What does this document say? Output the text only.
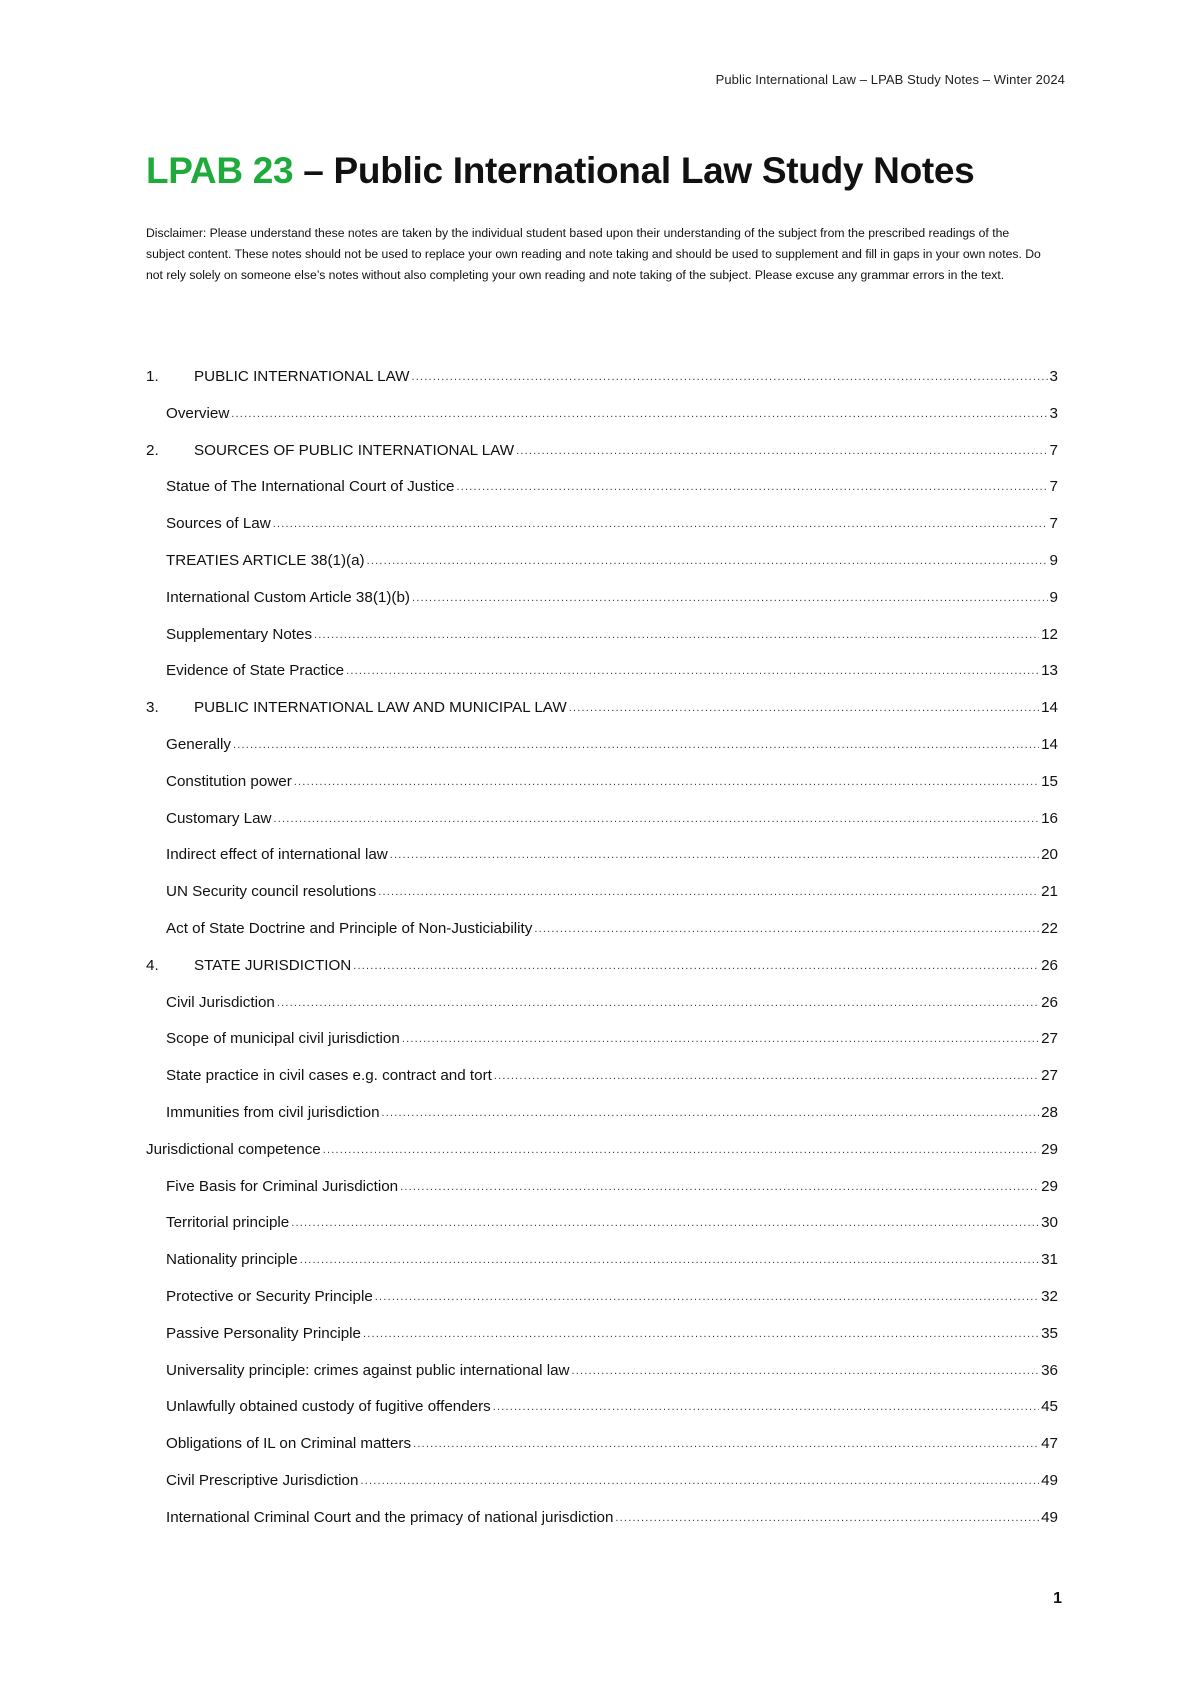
Public International Law – LPAB Study Notes – Winter 2024
LPAB 23 – Public International Law Study Notes

Disclaimer: Please understand these notes are taken by the individual student based upon their understanding of the subject from the prescribed readings of the subject content. These notes should not be used to replace your own reading and note taking and should be used to supplement and fill in gaps in your own notes. Do not rely solely on someone else’s notes without also completing your own reading and note taking of the subject. Please excuse any grammar errors in the text.

1.	PUBLIC INTERNATIONAL LAW .....	3
Overview .....	3
2.	SOURCES OF PUBLIC INTERNATIONAL LAW .....	7
Statue of The International Court of Justice .....	7
Sources of Law .....	7
TREATIES ARTICLE 38(1)(a) .....	9
International Custom Article 38(1)(b) .....	9
Supplementary Notes .....	12
Evidence of State Practice .....	13
3.	PUBLIC INTERNATIONAL LAW AND MUNICIPAL LAW .....	14
Generally .....	14
Constitution power .....	15
Customary Law .....	16
Indirect effect of international law .....	20
UN Security council resolutions .....	21
Act of State Doctrine and Principle of Non-Justiciability .....	22
4.	STATE JURISDICTION .....	26
Civil Jurisdiction .....	26
Scope of municipal civil jurisdiction .....	27
State practice in civil cases e.g. contract and tort .....	27
Immunities from civil jurisdiction .....	28
Jurisdictional competence .....	29
Five Basis for Criminal Jurisdiction .....	29
Territorial principle .....	30
Nationality principle .....	31
Protective or Security Principle .....	32
Passive Personality Principle .....	35
Universality principle: crimes against public international law .....	36
Unlawfully obtained custody of fugitive offenders .....	45
Obligations of IL on Criminal matters .....	47
Civil Prescriptive Jurisdiction .....	49
International Criminal Court and the primacy of national jurisdiction .....	49
1
